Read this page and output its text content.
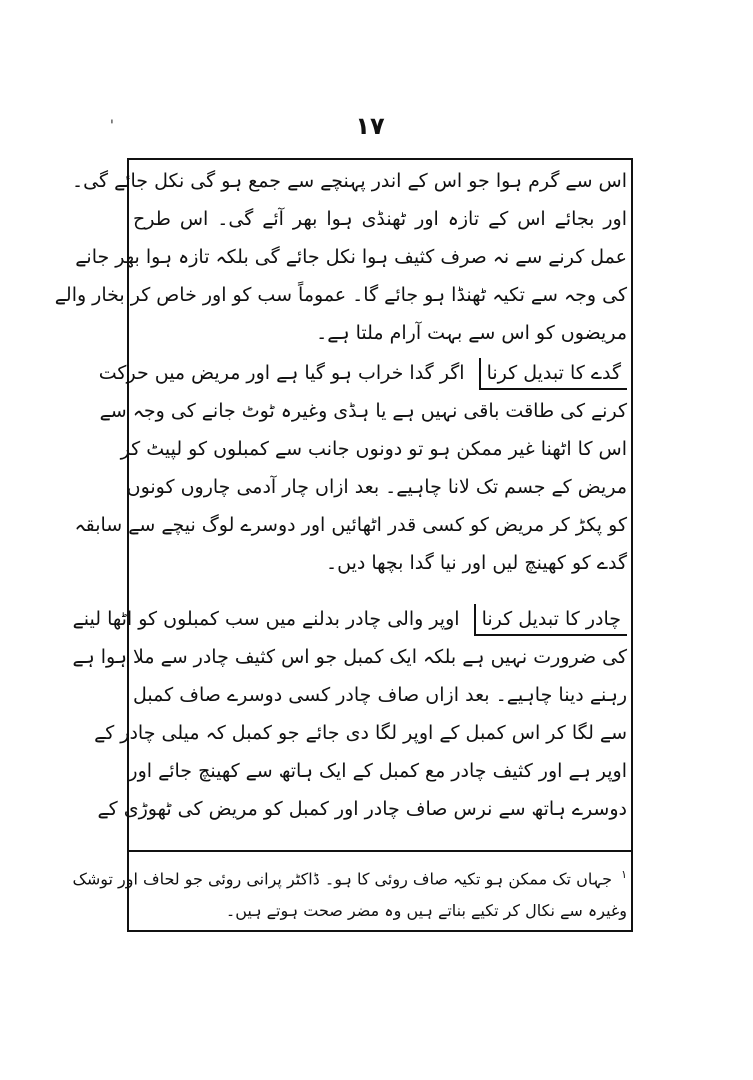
'	۱۷
اس سے گرم ہوا جو اس کے اندر پہنچے سے جمع ہو گی نکل جائے گی۔
اور بجائے اس کے تازہ اور ٹھنڈی ہوا بھر آئے گی۔ اس طرح
عمل کرنے سے نہ صرف کثیف ہوا نکل جائے گی بلکہ تازہ ہوا بھر جانے
کی وجہ سے تکیہ ٹھنڈا ہو جائے گا۔ عموماً سب کو اور خاص کر بخار والے
مریضوں کو اس سے بہت آرام ملتا ہے۔
گدے کا تبدیل کرنا اگر گدا خراب ہو گیا ہے اور مریض میں حرکت
کرنے کی طاقت باقی نہیں ہے یا ہڈی وغیرہ ٹوٹ جانے کی وجہ سے
اس کا اٹھنا غیر ممکن ہو تو دونوں جانب سے کمبلوں کو لپیٹ کر
مریض کے جسم تک لانا چاہیے۔ بعد ازاں چار آدمی چاروں کونوں
کو پکڑ کر مریض کو کسی قدر اٹھائیں اور دوسرے لوگ نیچے سے سابقہ
گدے کو کھینچ لیں اور نیا گدا بچھا دیں۔
چادر کا تبدیل کرنا اوپر والی چادر بدلنے میں سب کمبلوں کو اٹھا لینے
کی ضرورت نہیں ہے بلکہ ایک کمبل جو اس کثیف چادر سے ملا ہوا ہے
رہنے دینا چاہیے۔ بعد ازاں صاف چادر کسی دوسرے صاف کمبل
سے لگا کر اس کمبل کے اوپر لگا دی جائے جو کمبل کہ میلی چادر کے
اوپر ہے اور کثیف چادر مع کمبل کے ایک ہاتھ سے کھینچ جائے اور
دوسرے ہاتھ سے نرس صاف چادر اور کمبل کو مریض کی ٹھوڑی کے
$^۱$ جہاں تک ممکن ہو تکیہ صاف روئی کا ہو۔ ڈاکٹر پرانی روئی جو لحاف اور توشک
وغیرہ سے نکال کر تکیے بناتے ہیں وہ مضر صحت ہوتے ہیں۔
